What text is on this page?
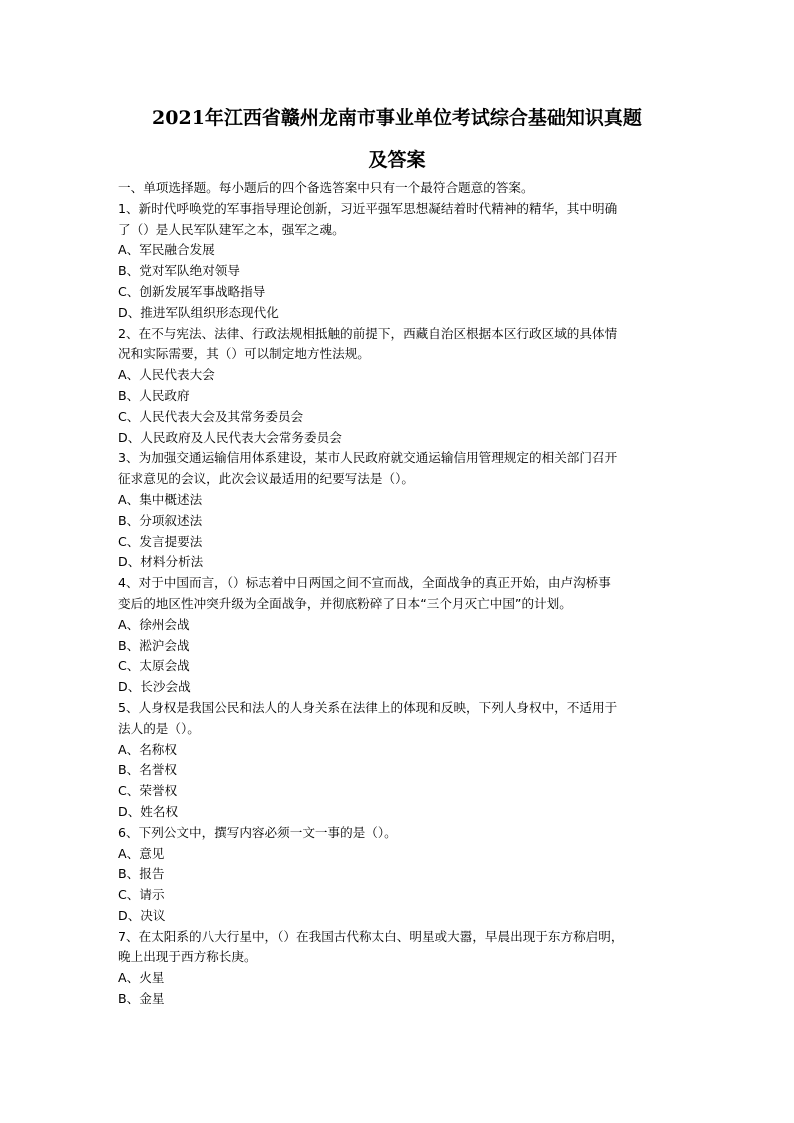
2021年江西省赣州龙南市事业单位考试综合基础知识真题
及答案
一、单项选择题。每小题后的四个备选答案中只有一个最符合题意的答案。
1、新时代呼唤党的军事指导理论创新，习近平强军思想凝结着时代精神的精华，其中明确
了（）是人民军队建军之本，强军之魂。
A、军民融合发展
B、党对军队绝对领导
C、创新发展军事战略指导
D、推进军队组织形态现代化
2、在不与宪法、法律、行政法规相抵触的前提下，西藏自治区根据本区行政区域的具体情
况和实际需要，其（）可以制定地方性法规。
A、人民代表大会
B、人民政府
C、人民代表大会及其常务委员会
D、人民政府及人民代表大会常务委员会
3、为加强交通运输信用体系建设，某市人民政府就交通运输信用管理规定的相关部门召开
征求意见的会议，此次会议最适用的纪要写法是（）。
A、集中概述法
B、分项叙述法
C、发言提要法
D、材料分析法
4、对于中国而言，（）标志着中日两国之间不宣而战，全面战争的真正开始，由卢沟桥事
变后的地区性冲突升级为全面战争，并彻底粉碎了日本“三个月灭亡中国”的计划。
A、徐州会战
B、淞沪会战
C、太原会战
D、长沙会战
5、人身权是我国公民和法人的人身关系在法律上的体现和反映，下列人身权中，不适用于
法人的是（）。
A、名称权
B、名誉权
C、荣誉权
D、姓名权
6、下列公文中，撰写内容必须一文一事的是（）。
A、意见
B、报告
C、请示
D、决议
7、在太阳系的八大行星中，（）在我国古代称太白、明星或大嚣，早晨出现于东方称启明，
晚上出现于西方称长庚。
A、火星
B、金星
